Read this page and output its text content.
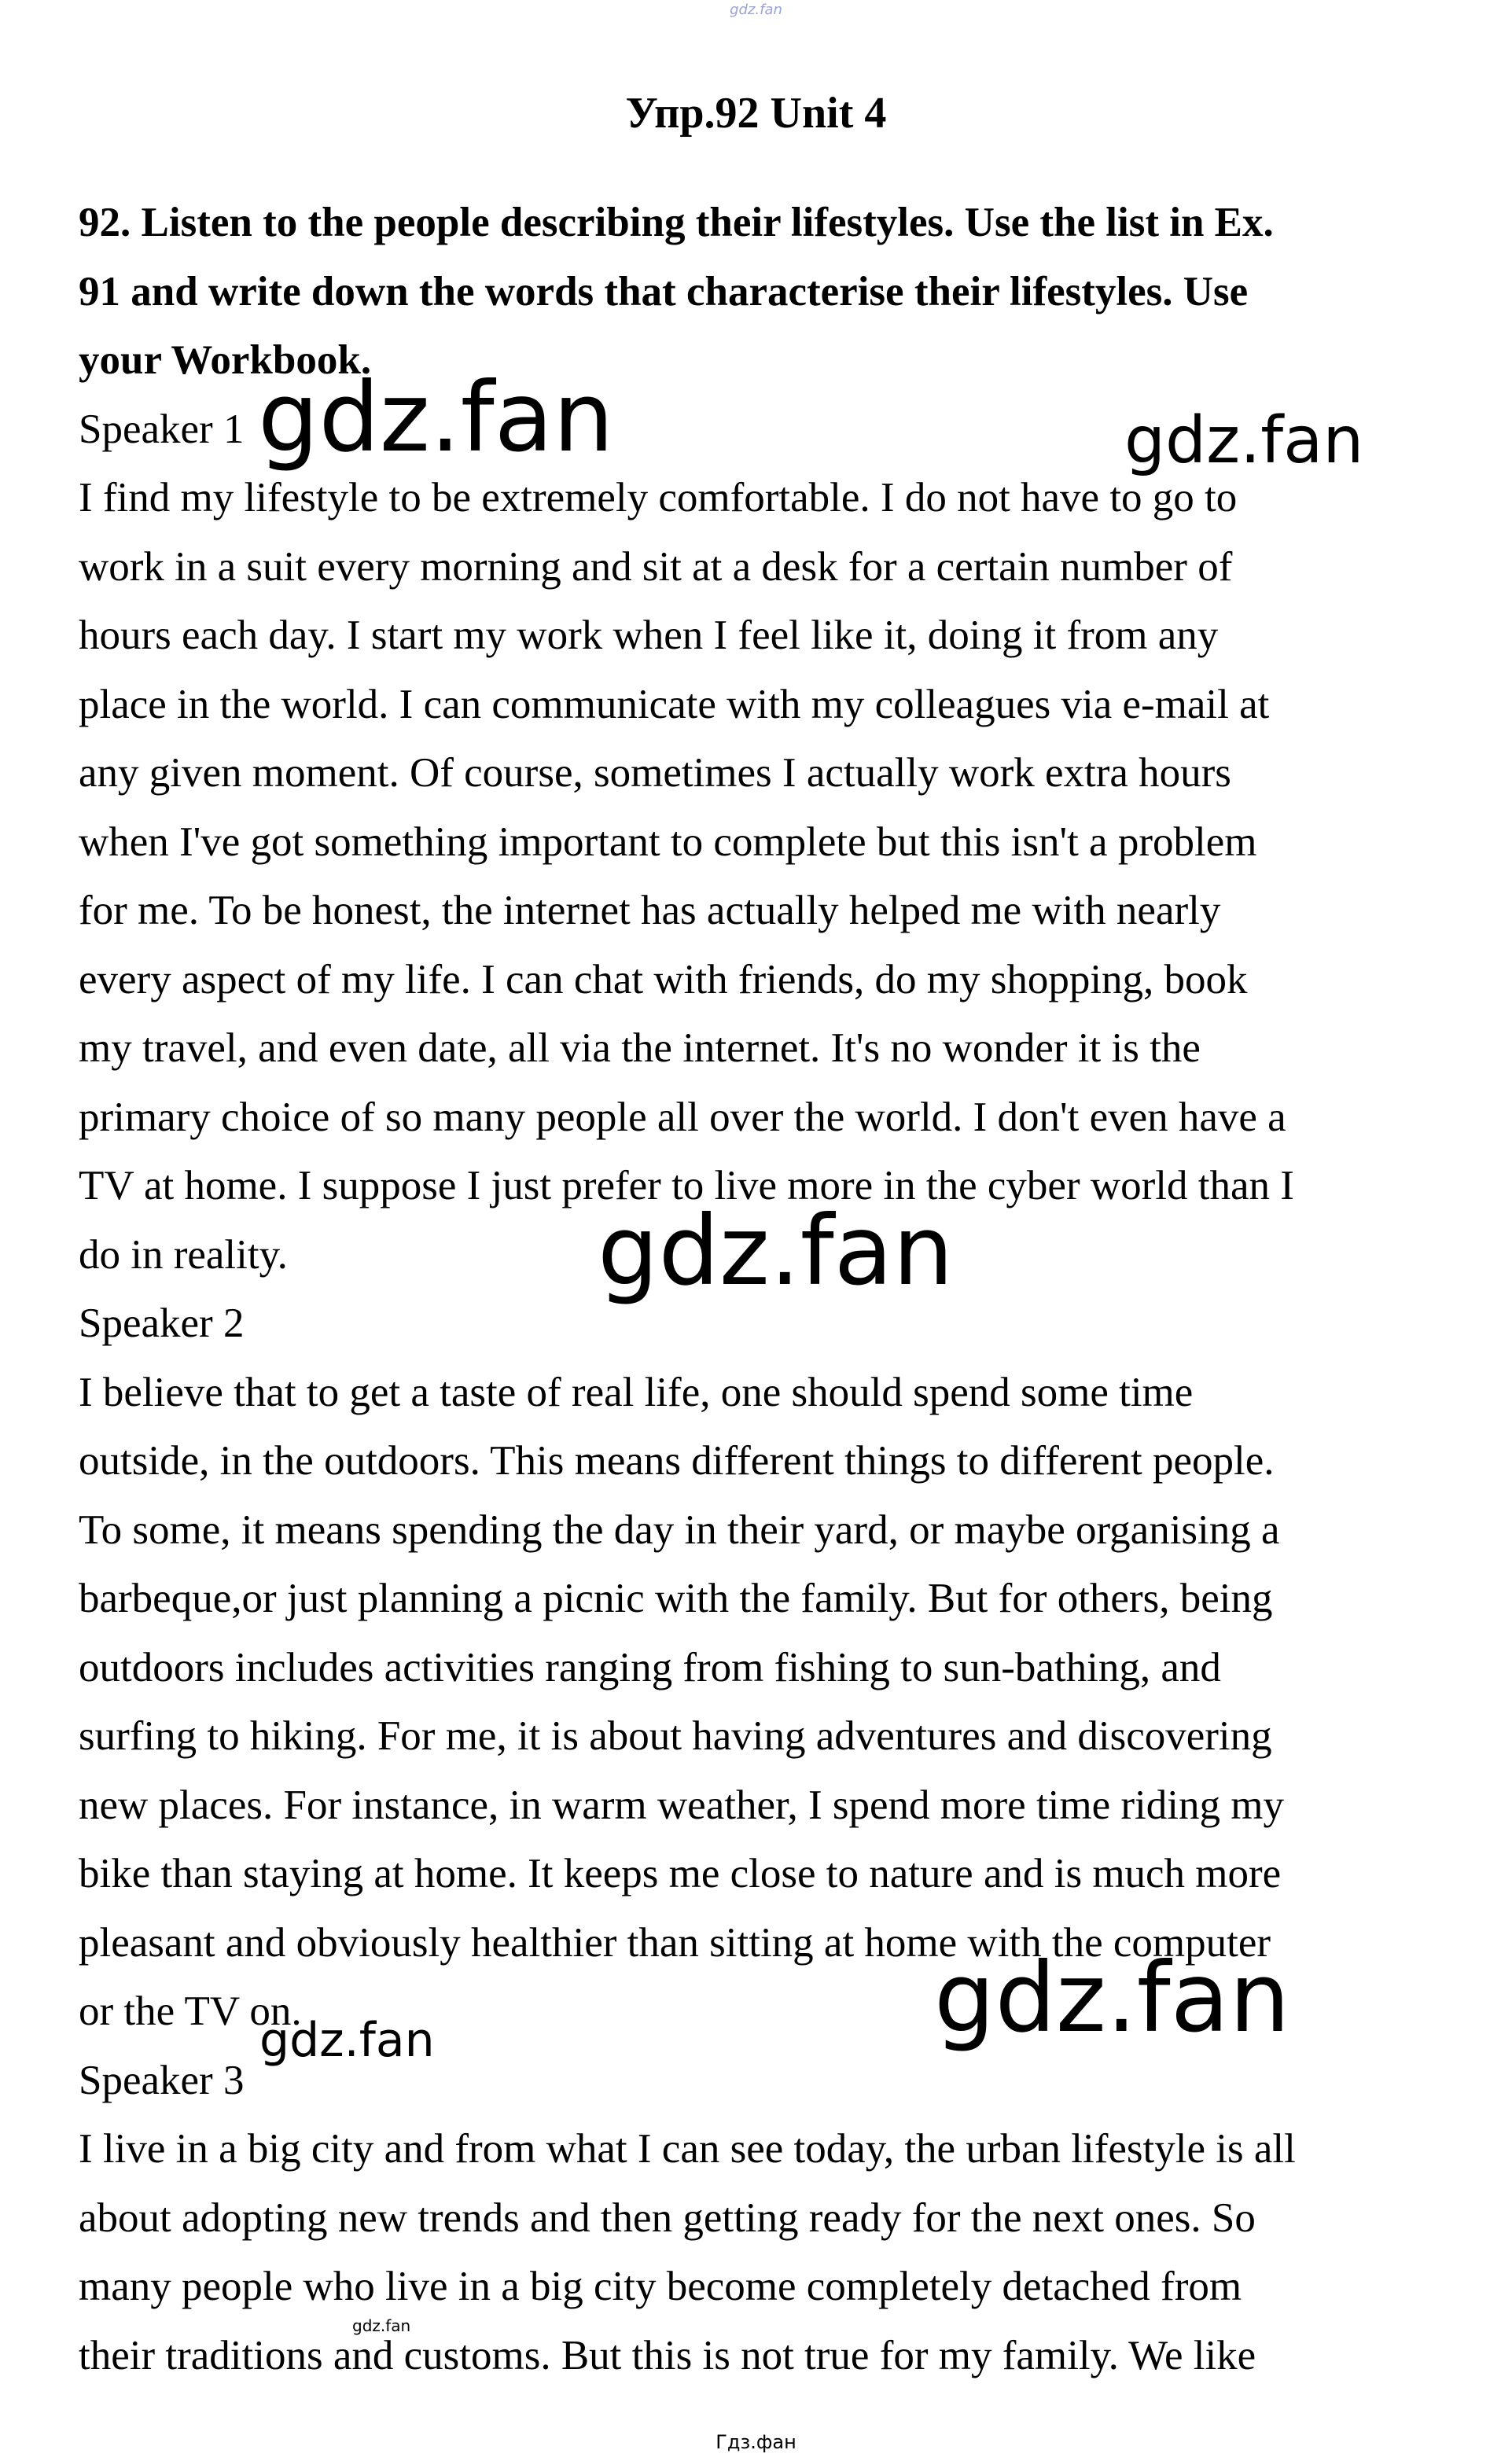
gdz.fan
Упр.92 Unit 4

92. Listen to the people describing their lifestyles. Use the list in Ex.

91 and write down the words that characterise their lifestyles. Use

your Workbook.

Speaker 1

I find my lifestyle to be extremely comfortable. I do not have to go to

work in a suit every morning and sit at a desk for a certain number of

hours each day. I start my work when I feel like it, doing it from any

place in the world. I can communicate with my colleagues via e-mail at

any given moment. Of course, sometimes I actually work extra hours

when I've got something important to complete but this isn't a problem

for me. To be honest, the internet has actually helped me with nearly

every aspect of my life. I can chat with friends, do my shopping, book

my travel, and even date, all via the internet. It's no wonder it is the

primary choice of so many people all over the world. I don't even have a

TV at home. I suppose I just prefer to live more in the cyber world than I

do in reality.

Speaker 2

I believe that to get a taste of real life, one should spend some time

outside, in the outdoors. This means different things to different people.

To some, it means spending the day in their yard, or maybe organising a

barbeque,or just planning a picnic with the family. But for others, being

outdoors includes activities ranging from fishing to sun-bathing, and

surfing to hiking. For me, it is about having adventures and discovering

new places. For instance, in warm weather, I spend more time riding my

bike than staying at home. It keeps me close to nature and is much more

pleasant and obviously healthier than sitting at home with the computer

or the TV on.

Speaker 3

I live in a big city and from what I can see today, the urban lifestyle is all

about adopting new trends and then getting ready for the next ones. So

many people who live in a big city become completely detached from

their traditions and customs. But this is not true for my family. We like

gdz.fan	gdz.fan
gdz.fan
gdz.fan
gdz.fan
gdz.fan
Гдз.фан
